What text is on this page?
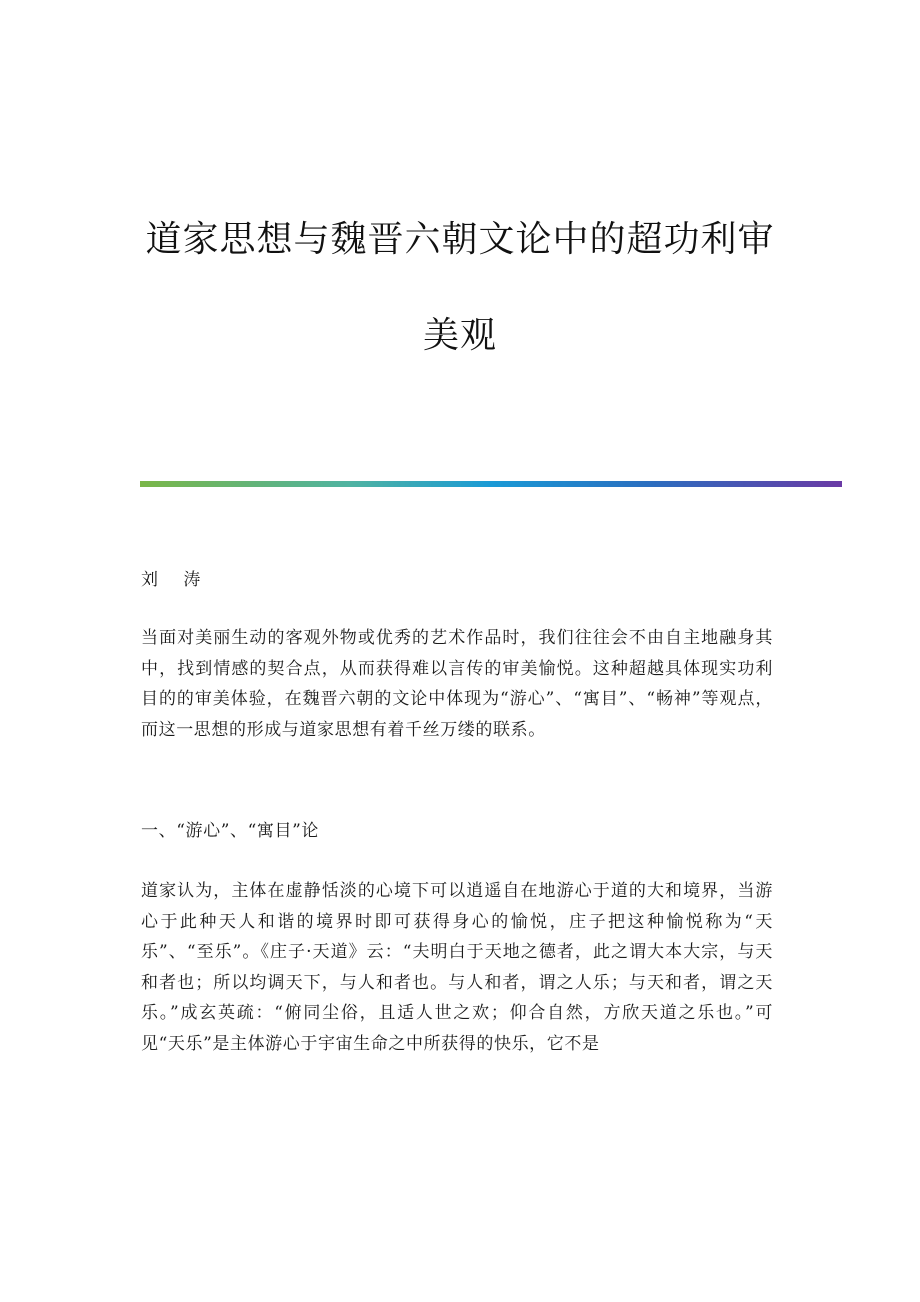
道家思想与魏晋六朝文论中的超功利审
美观
刘 涛
当面对美丽生动的客观外物或优秀的艺术作品时，我们往往会不由自主地融身其中，找到情感的契合点，从而获得难以言传的审美愉悦。这种超越具体现实功利目的的审美体验，在魏晋六朝的文论中体现为“游心”、“寓目”、“畅神”等观点，而这一思想的形成与道家思想有着千丝万缕的联系。
一、“游心”、“寓目”论
道家认为，主体在虚静恬淡的心境下可以逍遥自在地游心于道的大和境界，当游心于此种天人和谐的境界时即可获得身心的愉悦，庄子把这种愉悦称为“天乐”、“至乐”。《庄子·天道》云：“夫明白于天地之德者，此之谓大本大宗，与天和者也；所以均调天下，与人和者也。与人和者，谓之人乐；与天和者，谓之天乐。”成玄英疏：“俯同尘俗，且适人世之欢；仰合自然，方欣天道之乐也。”可见“天乐”是主体游心于宇宙生命之中所获得的快乐，它不是
